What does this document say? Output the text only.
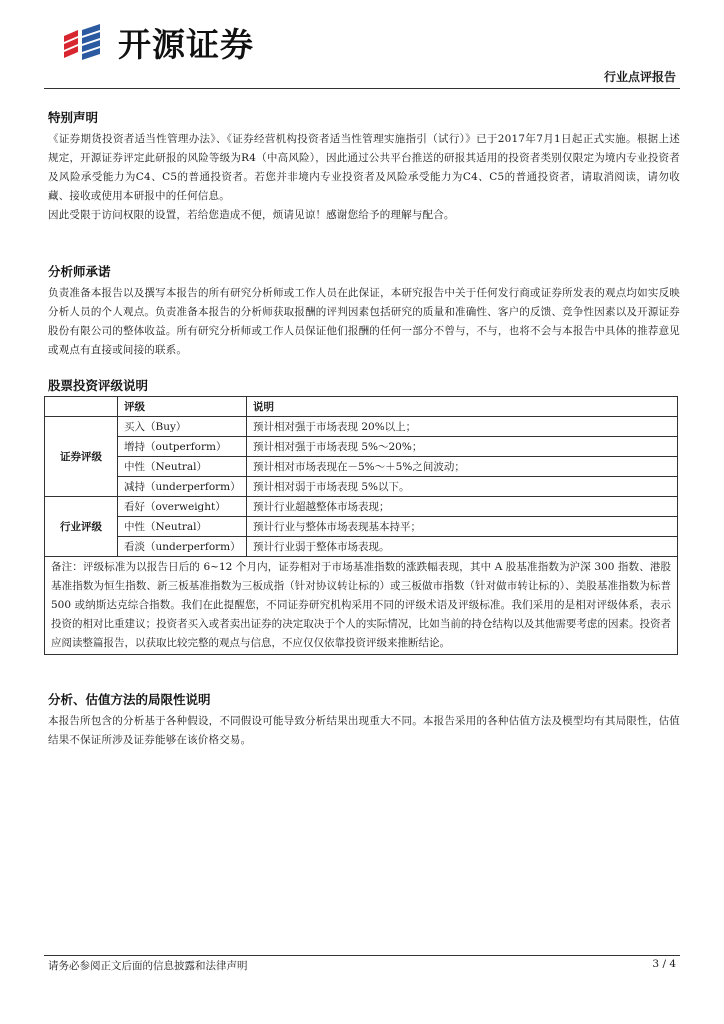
开源证券
行业点评报告
特别声明

《证券期货投资者适当性管理办法》、《证券经营机构投资者适当性管理实施指引（试行）》已于2017年7月1日起正式实施。根据上述规定，开源证券评定此研报的风险等级为R4（中高风险），因此通过公共平台推送的研报其适用的投资者类别仅限定为境内专业投资者及风险承受能力为C4、C5的普通投资者。若您并非境内专业投资者及风险承受能力为C4、C5的普通投资者，请取消阅读，请勿收藏、接收或使用本研报中的任何信息。

因此受限于访问权限的设置，若给您造成不便，烦请见谅！感谢您给予的理解与配合。

分析师承诺

负责准备本报告以及撰写本报告的所有研究分析师或工作人员在此保证，本研究报告中关于任何发行商或证券所发表的观点均如实反映分析人员的个人观点。负责准备本报告的分析师获取报酬的评判因素包括研究的质量和准确性、客户的反馈、竞争性因素以及开源证券股份有限公司的整体收益。所有研究分析师或工作人员保证他们报酬的任何一部分不曾与，不与，也将不会与本报告中具体的推荐意见或观点有直接或间接的联系。

股票投资评级说明
	评级	说明
证券评级	买入（Buy）	预计相对强于市场表现 20%以上；
	增持（outperform）	预计相对强于市场表现 5%～20%；
	中性（Neutral）	预计相对市场表现在－5%～＋5%之间波动；
	减持（underperform）	预计相对弱于市场表现 5%以下。
行业评级	看好（overweight）	预计行业超越整体市场表现；
	中性（Neutral）	预计行业与整体市场表现基本持平；
	看淡（underperform）	预计行业弱于整体市场表现。
备注：评级标准为以报告日后的 6~12 个月内，证券相对于市场基准指数的涨跌幅表现，其中 A 股基准指数为沪深 300 指数、港股基准指数为恒生指数、新三板基准指数为三板成指（针对协议转让标的）或三板做市指数（针对做市转让标的）、美股基准指数为标普 500 或纳斯达克综合指数。我们在此提醒您，不同证券研究机构采用不同的评级术语及评级标准。我们采用的是相对评级体系，表示投资的相对比重建议；投资者买入或者卖出证券的决定取决于个人的实际情况，比如当前的持仓结构以及其他需要考虑的因素。投资者应阅读整篇报告，以获取比较完整的观点与信息，不应仅仅依靠投资评级来推断结论。		
分析、估值方法的局限性说明

本报告所包含的分析基于各种假设，不同假设可能导致分析结果出现重大不同。本报告采用的各种估值方法及模型均有其局限性，估值结果不保证所涉及证券能够在该价格交易。

请务必参阅正文后面的信息披露和法律声明	3 / 4
